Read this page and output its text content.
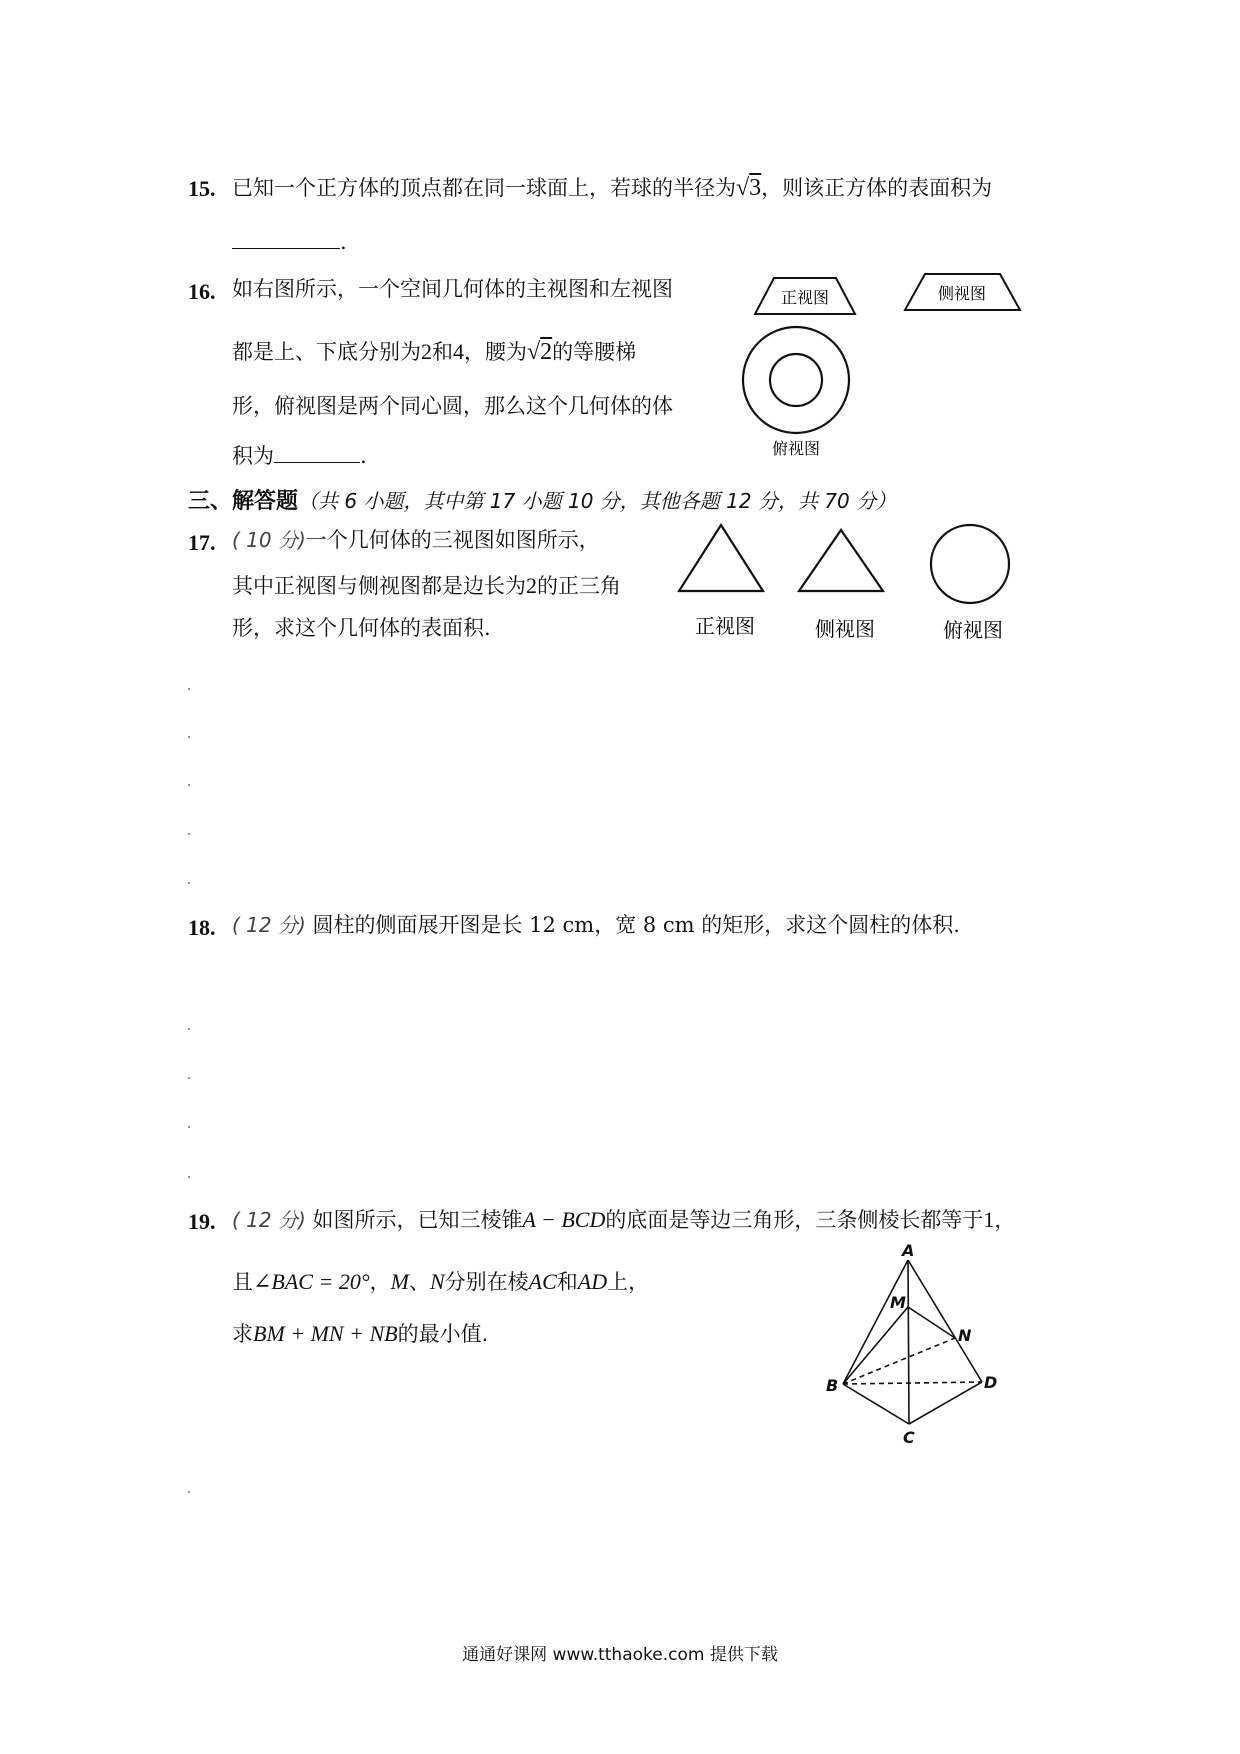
15. 已知一个正方体的顶点都在同一球面上，若球的半径为√3，则该正方体的表面积为
.
16. 如右图所示，一个空间几何体的主视图和左视图
都是上、下底分别为2和4，腰为√2的等腰梯
形，俯视图是两个同心圆，那么这个几何体的体
积为	.
正视图	侧视图
俯视图
三、解答题（共 6 小题，其中第 17 小题 10 分，其他各题 12 分，共 70 分）
17. ( 10 分)一个几何体的三视图如图所示，
其中正视图与侧视图都是边长为2的正三角
形，求这个几何体的表面积.	正视图	侧视图	俯视图
18. ( 12 分) 圆柱的侧面展开图是长 12 cm，宽 8 cm 的矩形，求这个圆柱的体积.
19. ( 12 分) 如图所示，已知三棱锥A − BCD的底面是等边三角形，三条侧棱长都等于1，
且∠BAC = 20°，M、N分别在棱AC和AD上，
求BM + MN + NB的最小值.
A
B
C
D
M
N
通通好课网 www.tthaoke.com 提供下载
